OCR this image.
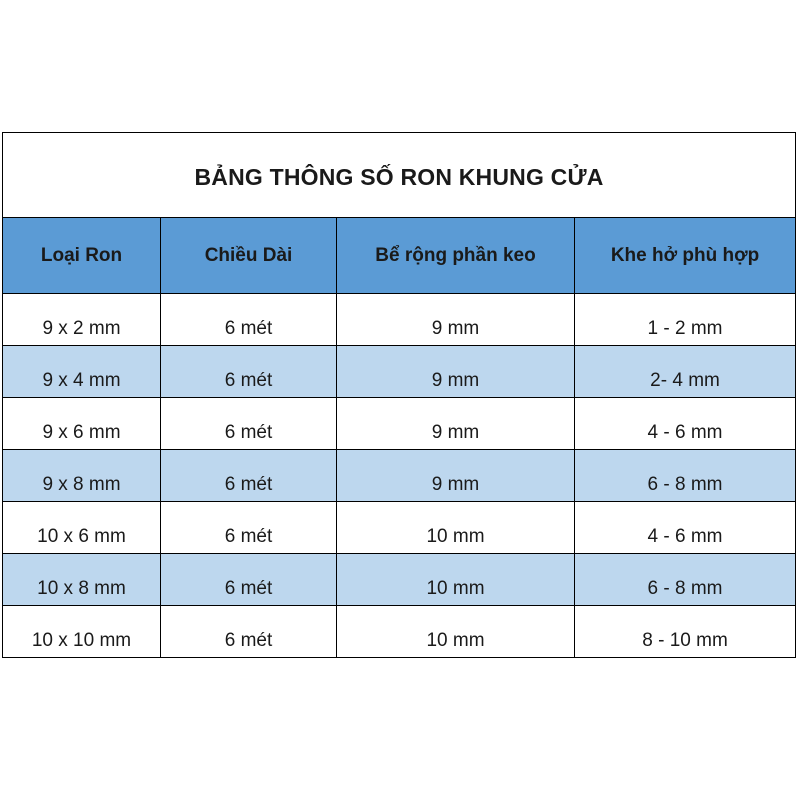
BẢNG THÔNG SỐ RON KHUNG CỬA			
Loại Ron	Chiều Dài	Bể rộng phần keo	Khe hở phù hợp
9 x 2 mm	6 mét	9 mm	1 - 2 mm
9 x 4 mm	6 mét	9 mm	2- 4 mm
9 x 6 mm	6 mét	9 mm	4 - 6 mm
9 x 8 mm	6 mét	9 mm	6 - 8 mm
10 x 6 mm	6 mét	10 mm	4 - 6 mm
10 x 8 mm	6 mét	10 mm	6 - 8 mm
10 x 10 mm	6 mét	10 mm	8 - 10 mm
